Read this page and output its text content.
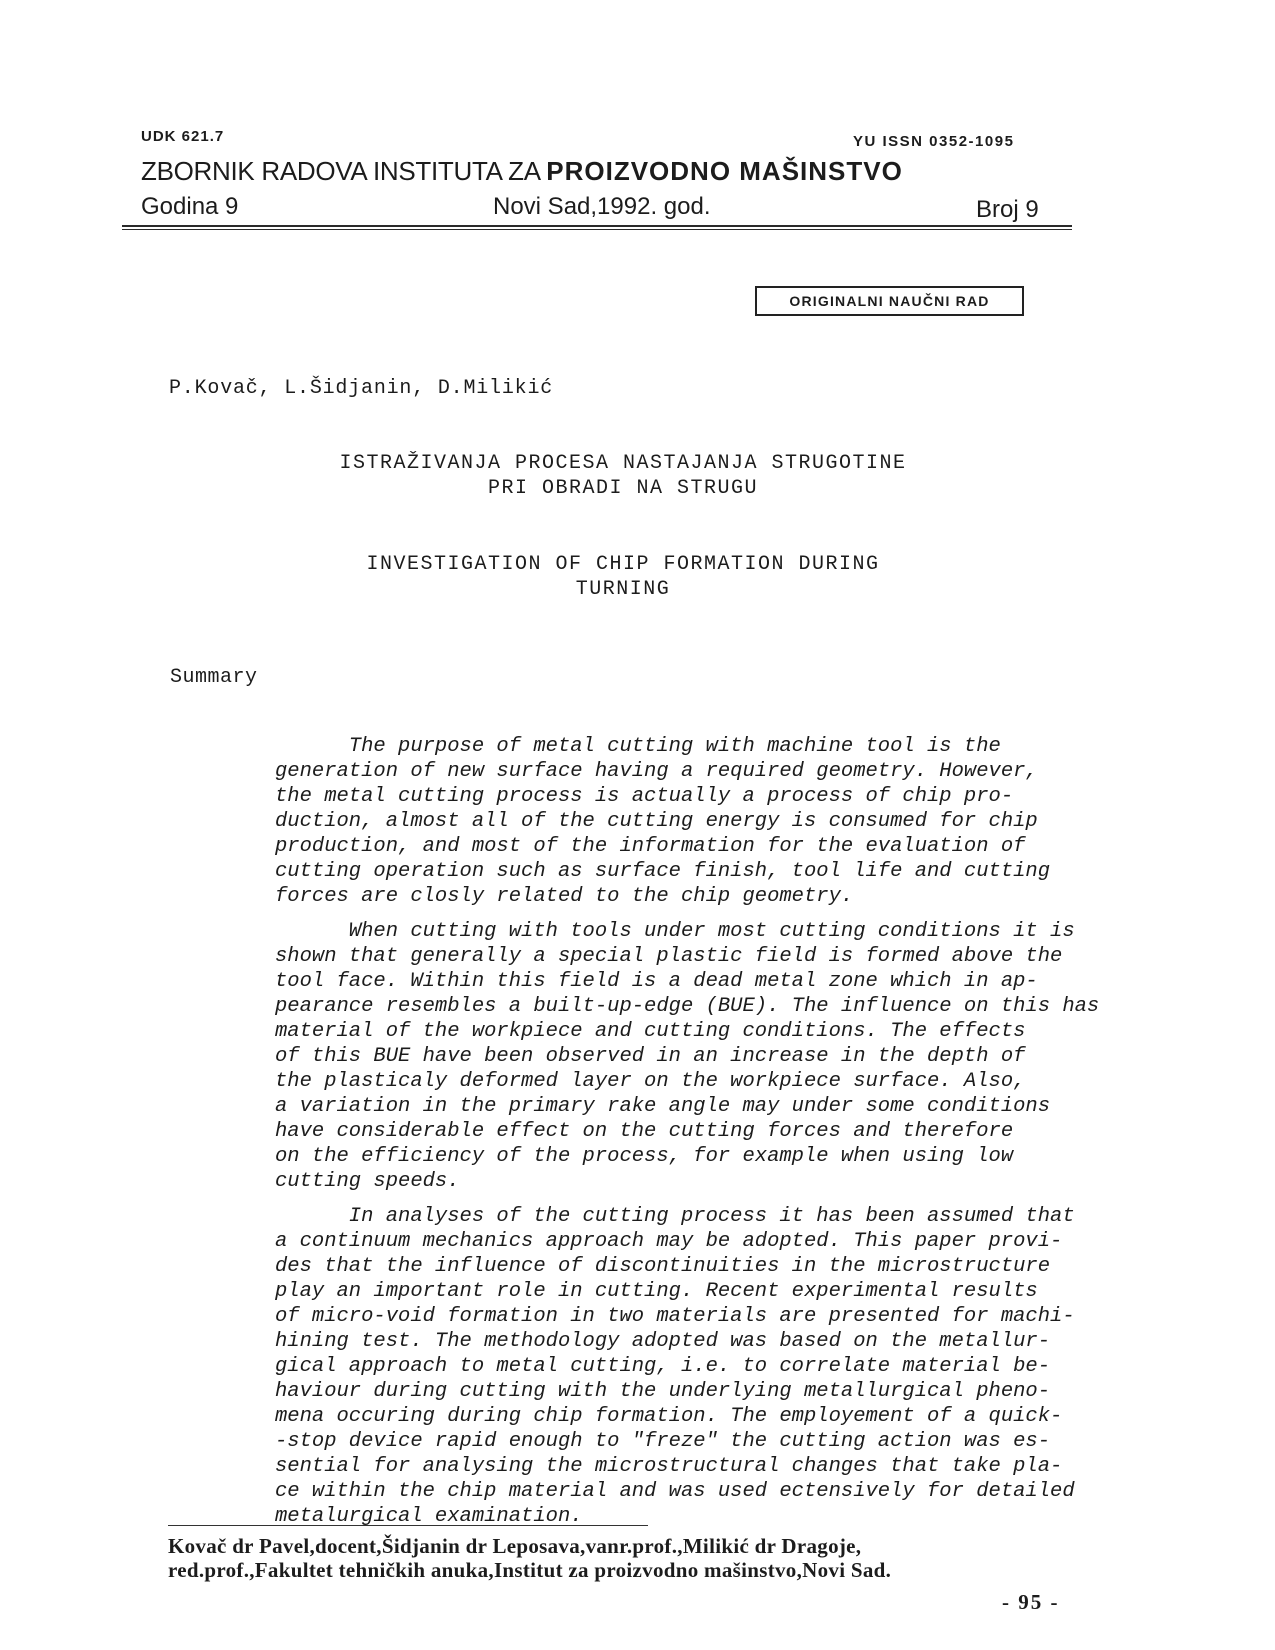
UDK 621.7	YU ISSN 0352-1095
ZBORNIK RADOVA INSTITUTA ZA PROIZVODNO MAŠINSTVO
Godina 9	Novi Sad,1992. god.	Broj 9
ORIGINALNI NAUČNI RAD
P.Kovač, L.Šidjanin, D.Milikić
ISTRAŽIVANJA PROCESA NASTAJANJA STRUGOTINE
PRI OBRADI NA STRUGU
INVESTIGATION OF CHIP FORMATION DURING
TURNING
Summary
The purpose of metal cutting with machine tool is the
generation of new surface having a required geometry. However,
the metal cutting process is actually a process of chip pro-
duction, almost all of the cutting energy is consumed for chip
production, and most of the information for the evaluation of
cutting operation such as surface finish, tool life and cutting
forces are closly related to the chip geometry.
When cutting with tools under most cutting conditions it is
shown that generally a special plastic field is formed above the
tool face. Within this field is a dead metal zone which in ap-
pearance resembles a built-up-edge (BUE). The influence on this has
material of the workpiece and cutting conditions. The effects
of this BUE have been observed in an increase in the depth of
the plasticaly deformed layer on the workpiece surface. Also,
a variation in the primary rake angle may under some conditions
have considerable effect on the cutting forces and therefore
on the efficiency of the process, for example when using low
cutting speeds.
In analyses of the cutting process it has been assumed that
a continuum mechanics approach may be adopted. This paper provi-
des that the influence of discontinuities in the microstructure
play an important role in cutting. Recent experimental results
of micro-void formation in two materials are presented for machi-
hining test. The methodology adopted was based on the metallur-
gical approach to metal cutting, i.e. to correlate material be-
haviour during cutting with the underlying metallurgical pheno-
mena occuring during chip formation. The employement of a quick-
-stop device rapid enough to "freze" the cutting action was es-
sential for analysing the microstructural changes that take pla-
ce within the chip material and was used ectensively for detailed
metalurgical examination.
Kovač dr Pavel,docent,Šidjanin dr Leposava,vanr.prof.,Milikić dr Dragoje,
red.prof.,Fakultet tehničkih anuka,Institut za proizvodno mašinstvo,Novi Sad.
- 95 -
